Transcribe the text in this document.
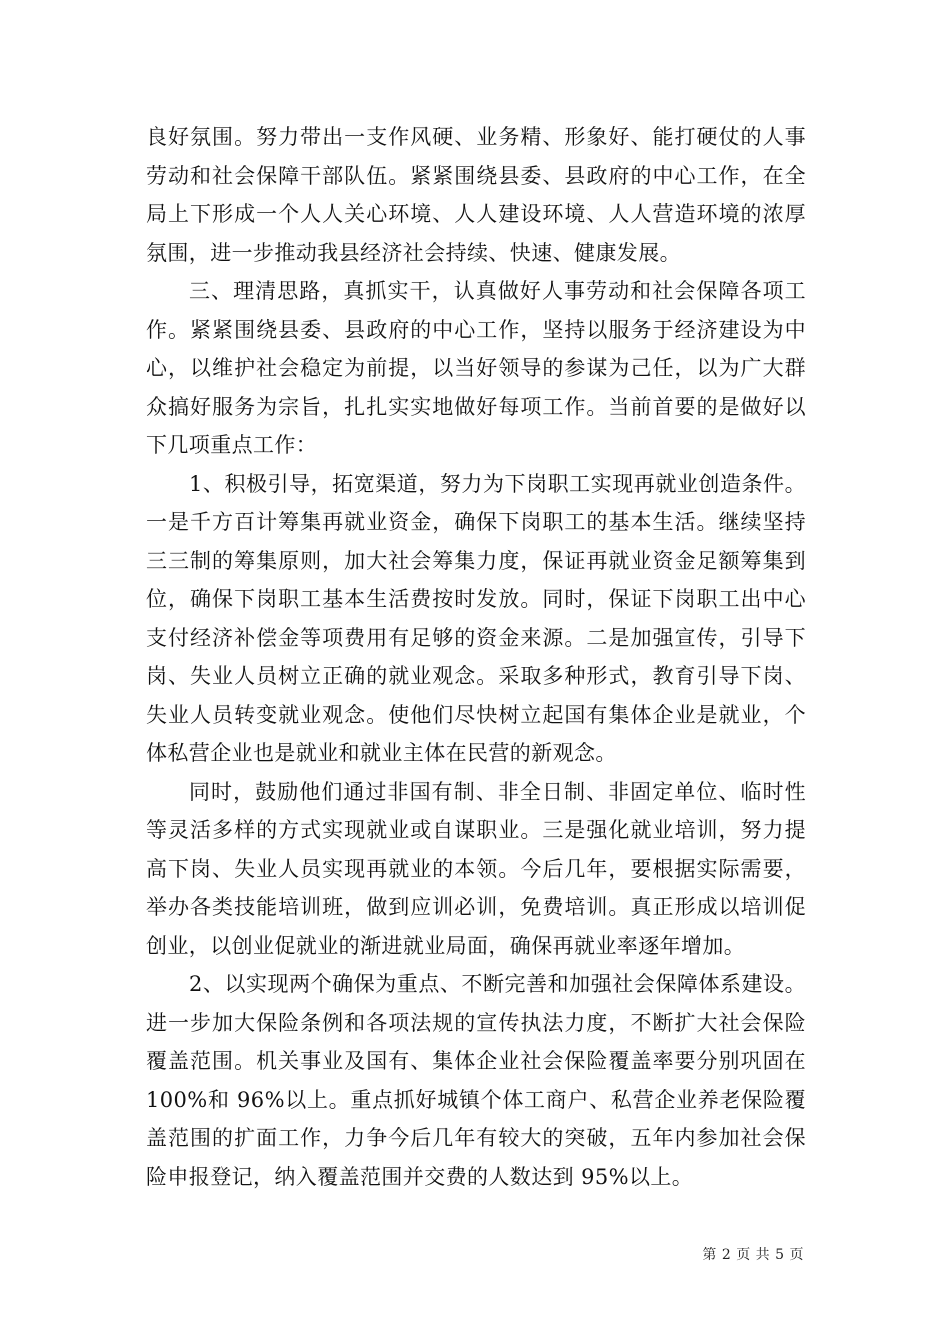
良好氛围。努力带出一支作风硬、业务精、形象好、能打硬仗的人事劳动和社会保障干部队伍。紧紧围绕县委、县政府的中心工作，在全局上下形成一个人人关心环境、人人建设环境、人人营造环境的浓厚氛围，进一步推动我县经济社会持续、快速、健康发展。

三、理清思路，真抓实干，认真做好人事劳动和社会保障各项工作。紧紧围绕县委、县政府的中心工作，坚持以服务于经济建设为中心，以维护社会稳定为前提，以当好领导的参谋为己任，以为广大群众搞好服务为宗旨，扎扎实实地做好每项工作。当前首要的是做好以下几项重点工作：

1、积极引导，拓宽渠道，努力为下岗职工实现再就业创造条件。一是千方百计筹集再就业资金，确保下岗职工的基本生活。继续坚持三三制的筹集原则，加大社会筹集力度，保证再就业资金足额筹集到位，确保下岗职工基本生活费按时发放。同时，保证下岗职工出中心支付经济补偿金等项费用有足够的资金来源。二是加强宣传，引导下岗、失业人员树立正确的就业观念。采取多种形式，教育引导下岗、失业人员转变就业观念。使他们尽快树立起国有集体企业是就业，个体私营企业也是就业和就业主体在民营的新观念。

同时，鼓励他们通过非国有制、非全日制、非固定单位、临时性等灵活多样的方式实现就业或自谋职业。三是强化就业培训，努力提高下岗、失业人员实现再就业的本领。今后几年，要根据实际需要，举办各类技能培训班，做到应训必训，免费培训。真正形成以培训促创业，以创业促就业的渐进就业局面，确保再就业率逐年增加。

2、以实现两个确保为重点、不断完善和加强社会保障体系建设。进一步加大保险条例和各项法规的宣传执法力度，不断扩大社会保险覆盖范围。机关事业及国有、集体企业社会保险覆盖率要分别巩固在 100%和 96%以上。重点抓好城镇个体工商户、私营企业养老保险覆盖范围的扩面工作，力争今后几年有较大的突破，五年内参加社会保险申报登记，纳入覆盖范围并交费的人数达到 95%以上。

第 2 页 共 5 页
